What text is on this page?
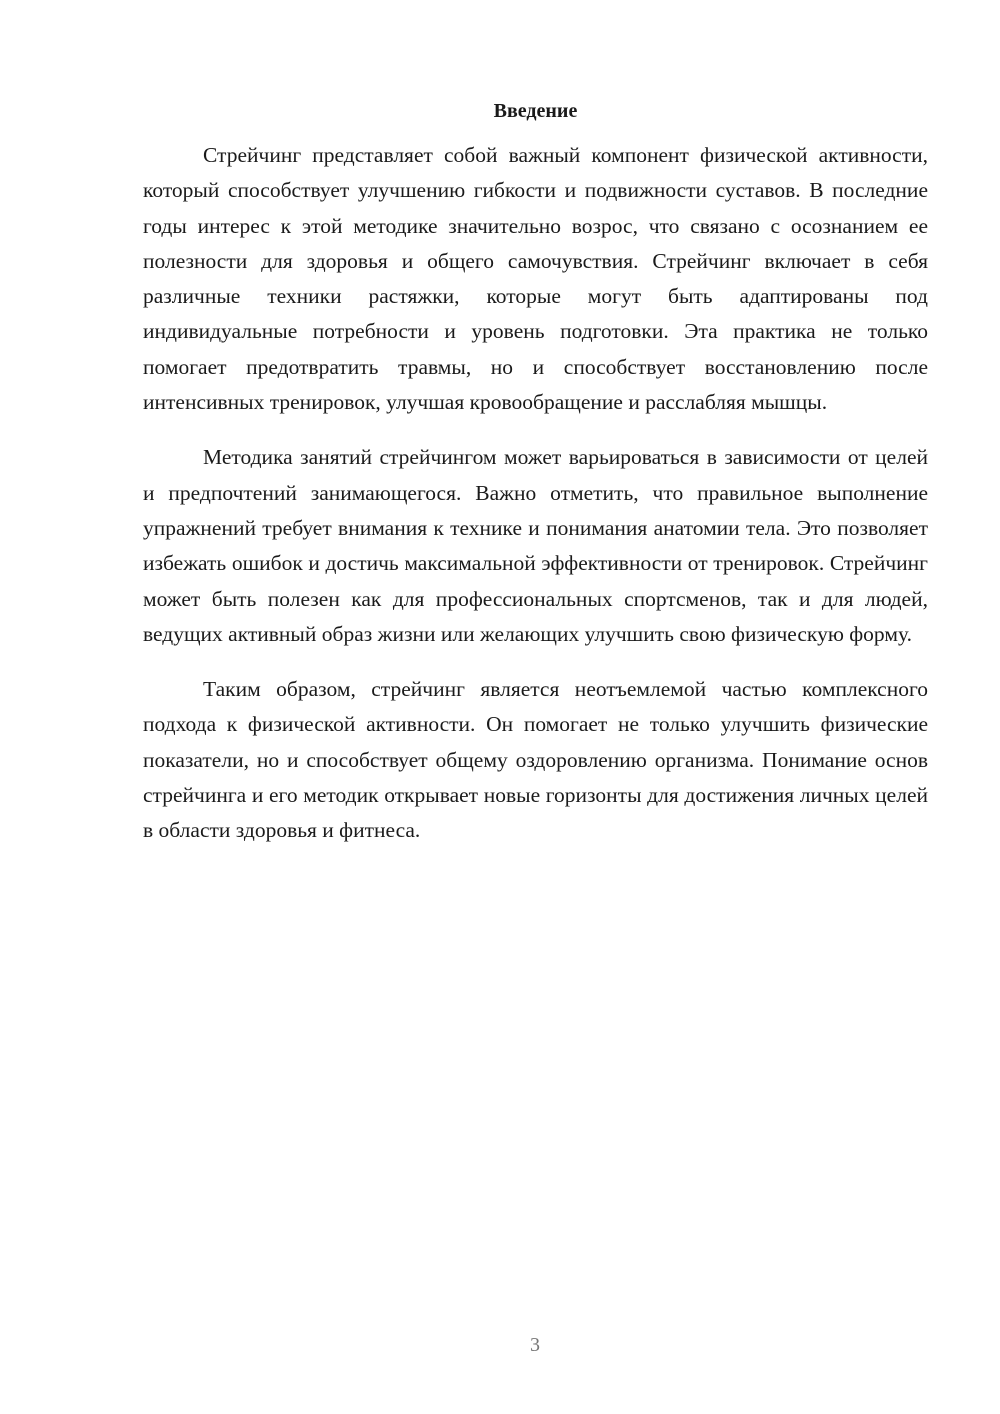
Введение

Стрейчинг представляет собой важный компонент физической активности, который способствует улучшению гибкости и подвижности суставов. В последние годы интерес к этой методике значительно возрос, что связано с осознанием ее полезности для здоровья и общего самочувствия. Стрейчинг включает в себя различные техники растяжки, которые могут быть адаптированы под индивидуальные потребности и уровень подготовки. Эта практика не только помогает предотвратить травмы, но и способствует восстановлению после интенсивных тренировок, улучшая кровообращение и расслабляя мышцы.

Методика занятий стрейчингом может варьироваться в зависимости от целей и предпочтений занимающегося. Важно отметить, что правильное выполнение упражнений требует внимания к технике и понимания анатомии тела. Это позволяет избежать ошибок и достичь максимальной эффективности от тренировок. Стрейчинг может быть полезен как для профессиональных спортсменов, так и для людей, ведущих активный образ жизни или желающих улучшить свою физическую форму.

Таким образом, стрейчинг является неотъемлемой частью комплексного подхода к физической активности. Он помогает не только улучшить физические показатели, но и способствует общему оздоровлению организма. Понимание основ стрейчинга и его методик открывает новые горизонты для достижения личных целей в области здоровья и фитнеса.

3
